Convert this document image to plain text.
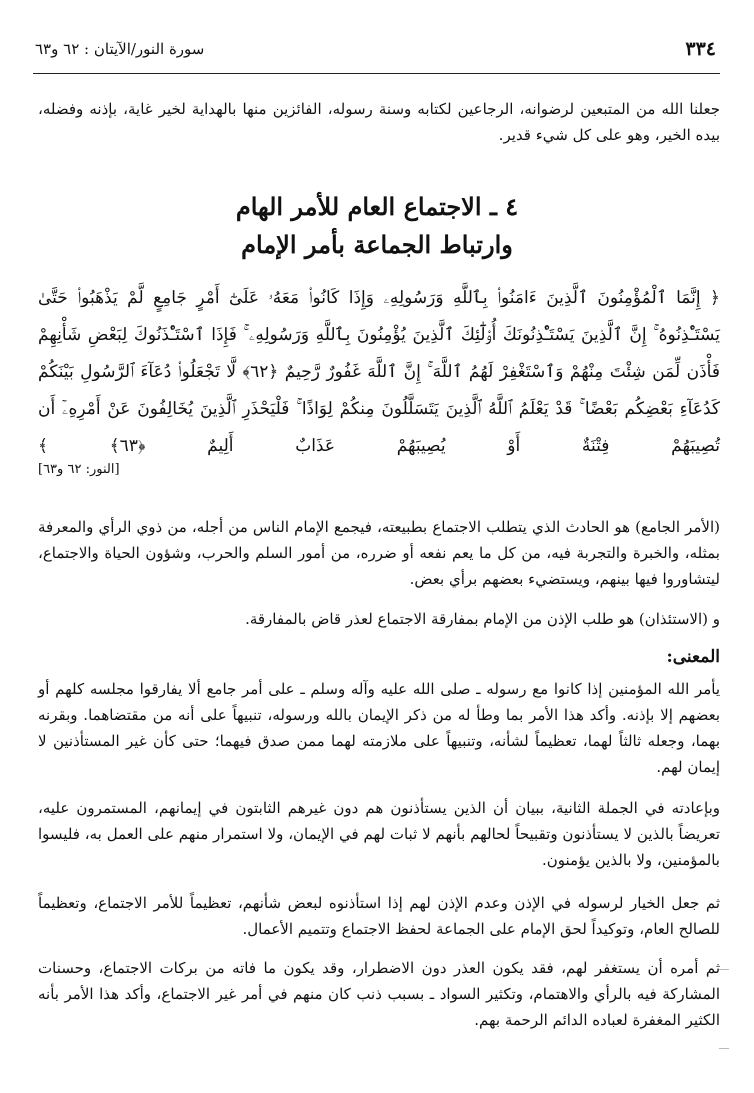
٣٣٤
سورة النور/الآيتان : ٦٢ و٦٣
جعلنا الله من المتبعين لرضوانه، الرجاعين لكتابه وسنة رسوله، الفائزين منها بالهداية لخير غاية، بإذنه وفضله، بيده الخير، وهو على كل شيء قدير.
٤ ـ الاجتماع العام للأمر الهام
وارتباط الجماعة بأمر الإمام
﴿ إِنَّمَا ٱلْمُؤْمِنُونَ ٱلَّذِينَ ءَامَنُوا۟ بِٱللَّهِ وَرَسُولِهِۦ وَإِذَا كَانُوا۟ مَعَهُۥ عَلَىٰٓ أَمْرٍ جَامِعٍ لَّمْ يَذْهَبُوا۟ حَتَّىٰ يَسْتَـْٔذِنُوهُ ۚ إِنَّ ٱلَّذِينَ يَسْتَـْٔذِنُونَكَ أُو۟لَٰٓئِكَ ٱلَّذِينَ يُؤْمِنُونَ بِٱللَّهِ وَرَسُولِهِۦ ۚ فَإِذَا ٱسْتَـْٔذَنُوكَ لِبَعْضِ شَأْنِهِمْ فَأْذَن لِّمَن شِئْتَ مِنْهُمْ وَٱسْتَغْفِرْ لَهُمُ ٱللَّهَ ۚ إِنَّ ٱللَّهَ غَفُورٌ رَّحِيمٌ ﴿٦٢﴾ لَّا تَجْعَلُوا۟ دُعَآءَ ٱلرَّسُولِ بَيْنَكُمْ كَدُعَآءِ بَعْضِكُم بَعْضًا ۚ قَدْ يَعْلَمُ ٱللَّهُ ٱلَّذِينَ يَتَسَلَّلُونَ مِنكُمْ لِوَاذًا ۚ فَلْيَحْذَرِ ٱلَّذِينَ يُخَالِفُونَ عَنْ أَمْرِهِۦٓ أَن تُصِيبَهُمْ فِتْنَةٌ أَوْ يُصِيبَهُمْ عَذَابٌ أَلِيمٌ ﴿٦٣﴾ ﴾
[النور: ٦٢ و٦٣]
(الأمر الجامع) هو الحادث الذي يتطلب الاجتماع بطبيعته، فيجمع الإمام الناس من أجله، من ذوي الرأي والمعرفة بمثله، والخبرة والتجربة فيه، من كل ما يعم نفعه أو ضرره، من أمور السلم والحرب، وشؤون الحياة والاجتماع، ليتشاوروا فيها بينهم، ويستضيء بعضهم برأي بعض.
و (الاستئذان) هو طلب الإذن من الإمام بمفارقة الاجتماع لعذر قاض بالمفارقة.
المعنى:
يأمر الله المؤمنين إذا كانوا مع رسوله ـ صلى الله عليه وآله وسلم ـ على أمر جامع ألا يفارقوا مجلسه كلهم أو بعضهم إلا بإذنه. وأكد هذا الأمر بما وطأ له من ذكر الإيمان بالله ورسوله، تنبيهاً على أنه من مقتضاهما. وبقرنه بهما، وجعله ثالثاً لهما، تعظيماً لشأنه، وتنبيهاً على ملازمته لهما ممن صدق فيهما؛ حتى كأن غير المستأذنين لا إيمان لهم.
وبإعادته في الجملة الثانية، ببيان أن الذين يستأذنون هم دون غيرهم الثابتون في إيمانهم، المستمرون عليه، تعريضاً بالذين لا يستأذنون وتقبيحاً لحالهم بأنهم لا ثبات لهم في الإيمان، ولا استمرار منهم على العمل به، فليسوا بالمؤمنين، ولا بالذين يؤمنون.
ثم جعل الخيار لرسوله في الإذن وعدم الإذن لهم إذا استأذنوه لبعض شأنهم، تعظيماً للأمر الاجتماع، وتعظيماً للصالح العام، وتوكيداً لحق الإمام على الجماعة لحفظ الاجتماع وتتميم الأعمال.
ثم أمره أن يستغفر لهم، فقد يكون العذر دون الاضطرار، وقد يكون ما فاته من بركات الاجتماع، وحسنات المشاركة فيه بالرأي والاهتمام، وتكثير السواد ـ بسبب ذنب كان منهم في أمر غير الاجتماع، وأكد هذا الأمر بأنه الكثير المغفرة لعباده الدائم الرحمة بهم.
